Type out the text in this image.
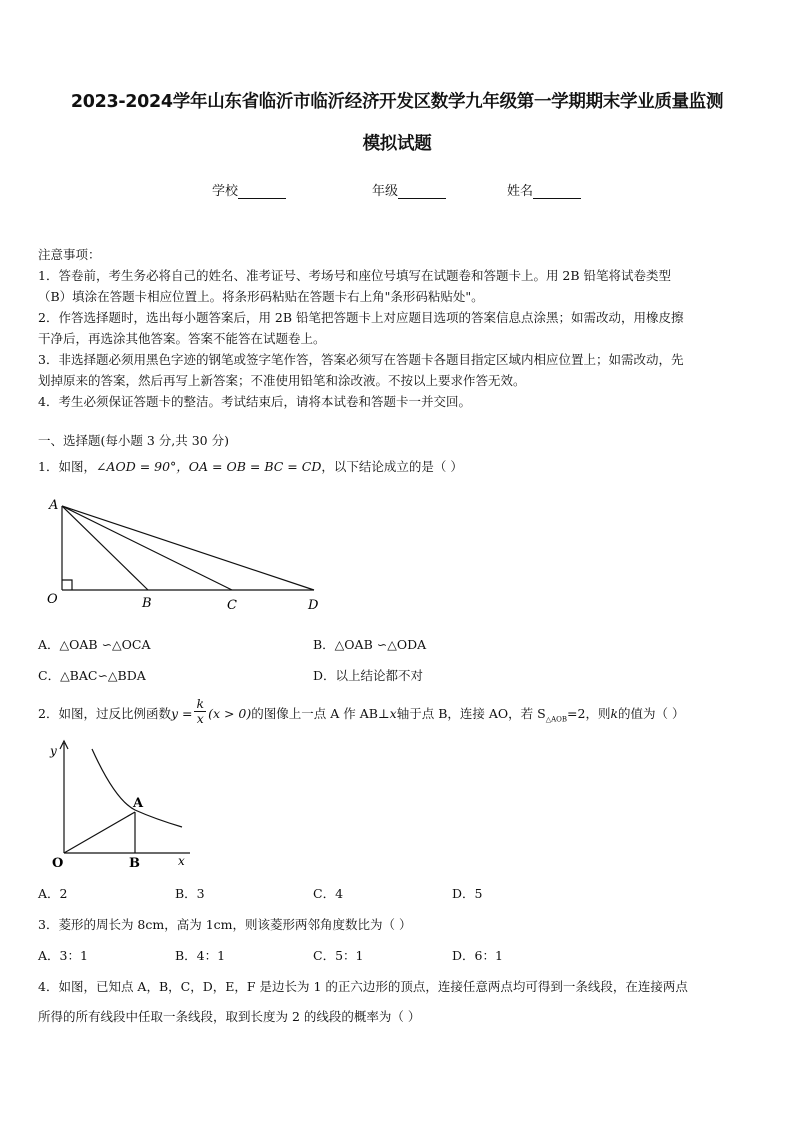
2023-2024学年山东省临沂市临沂经济开发区数学九年级第一学期期末学业质量监测
模拟试题
学校	年级	姓名
注意事项：
1．答卷前，考生务必将自己的姓名、准考证号、考场号和座位号填写在试题卷和答题卡上。用 2B 铅笔将试卷类型
（B）填涂在答题卡相应位置上。将条形码粘贴在答题卡右上角"条形码粘贴处"。
2．作答选择题时，选出每小题答案后，用 2B 铅笔把答题卡上对应题目选项的答案信息点涂黑；如需改动，用橡皮擦
干净后，再选涂其他答案。答案不能答在试题卷上。
3．非选择题必须用黑色字迹的钢笔或签字笔作答，答案必须写在答题卡各题目指定区域内相应位置上；如需改动，先
划掉原来的答案，然后再写上新答案；不准使用铅笔和涂改液。不按以上要求作答无效。
4．考生必须保证答题卡的整洁。考试结束后，请将本试卷和答题卡一并交回。
一、选择题(每小题 3 分,共 30 分)
1．如图，∠AOD = 90°，OA = OB = BC = CD，以下结论成立的是（ ）
A
O	B	C	D
A．△OAB ∽△OCA	B．△OAB ∽△ODA
C．△BAC∽△BDA	D．以上结论都不对
2．如图，过反比例函数$y = \frac{k}{x} (x > 0)$的图像上一点 A 作 AB⊥x轴于点 B，连接 AO，若 $S_{\triangle AOB}=2$，则k的值为（ ）
y
x
O
A
B
A．2	B．3	C．4	D．5
3．菱形的周长为 8cm，高为 1cm，则该菱形两邻角度数比为（ ）
A．3：1	B．4：1	C．5：1	D．6：1
4．如图，已知点 A，B，C，D，E，F 是边长为 1 的正六边形的顶点，连接任意两点均可得到一条线段，在连接两点
所得的所有线段中任取一条线段，取到长度为 2 的线段的概率为（ ）
